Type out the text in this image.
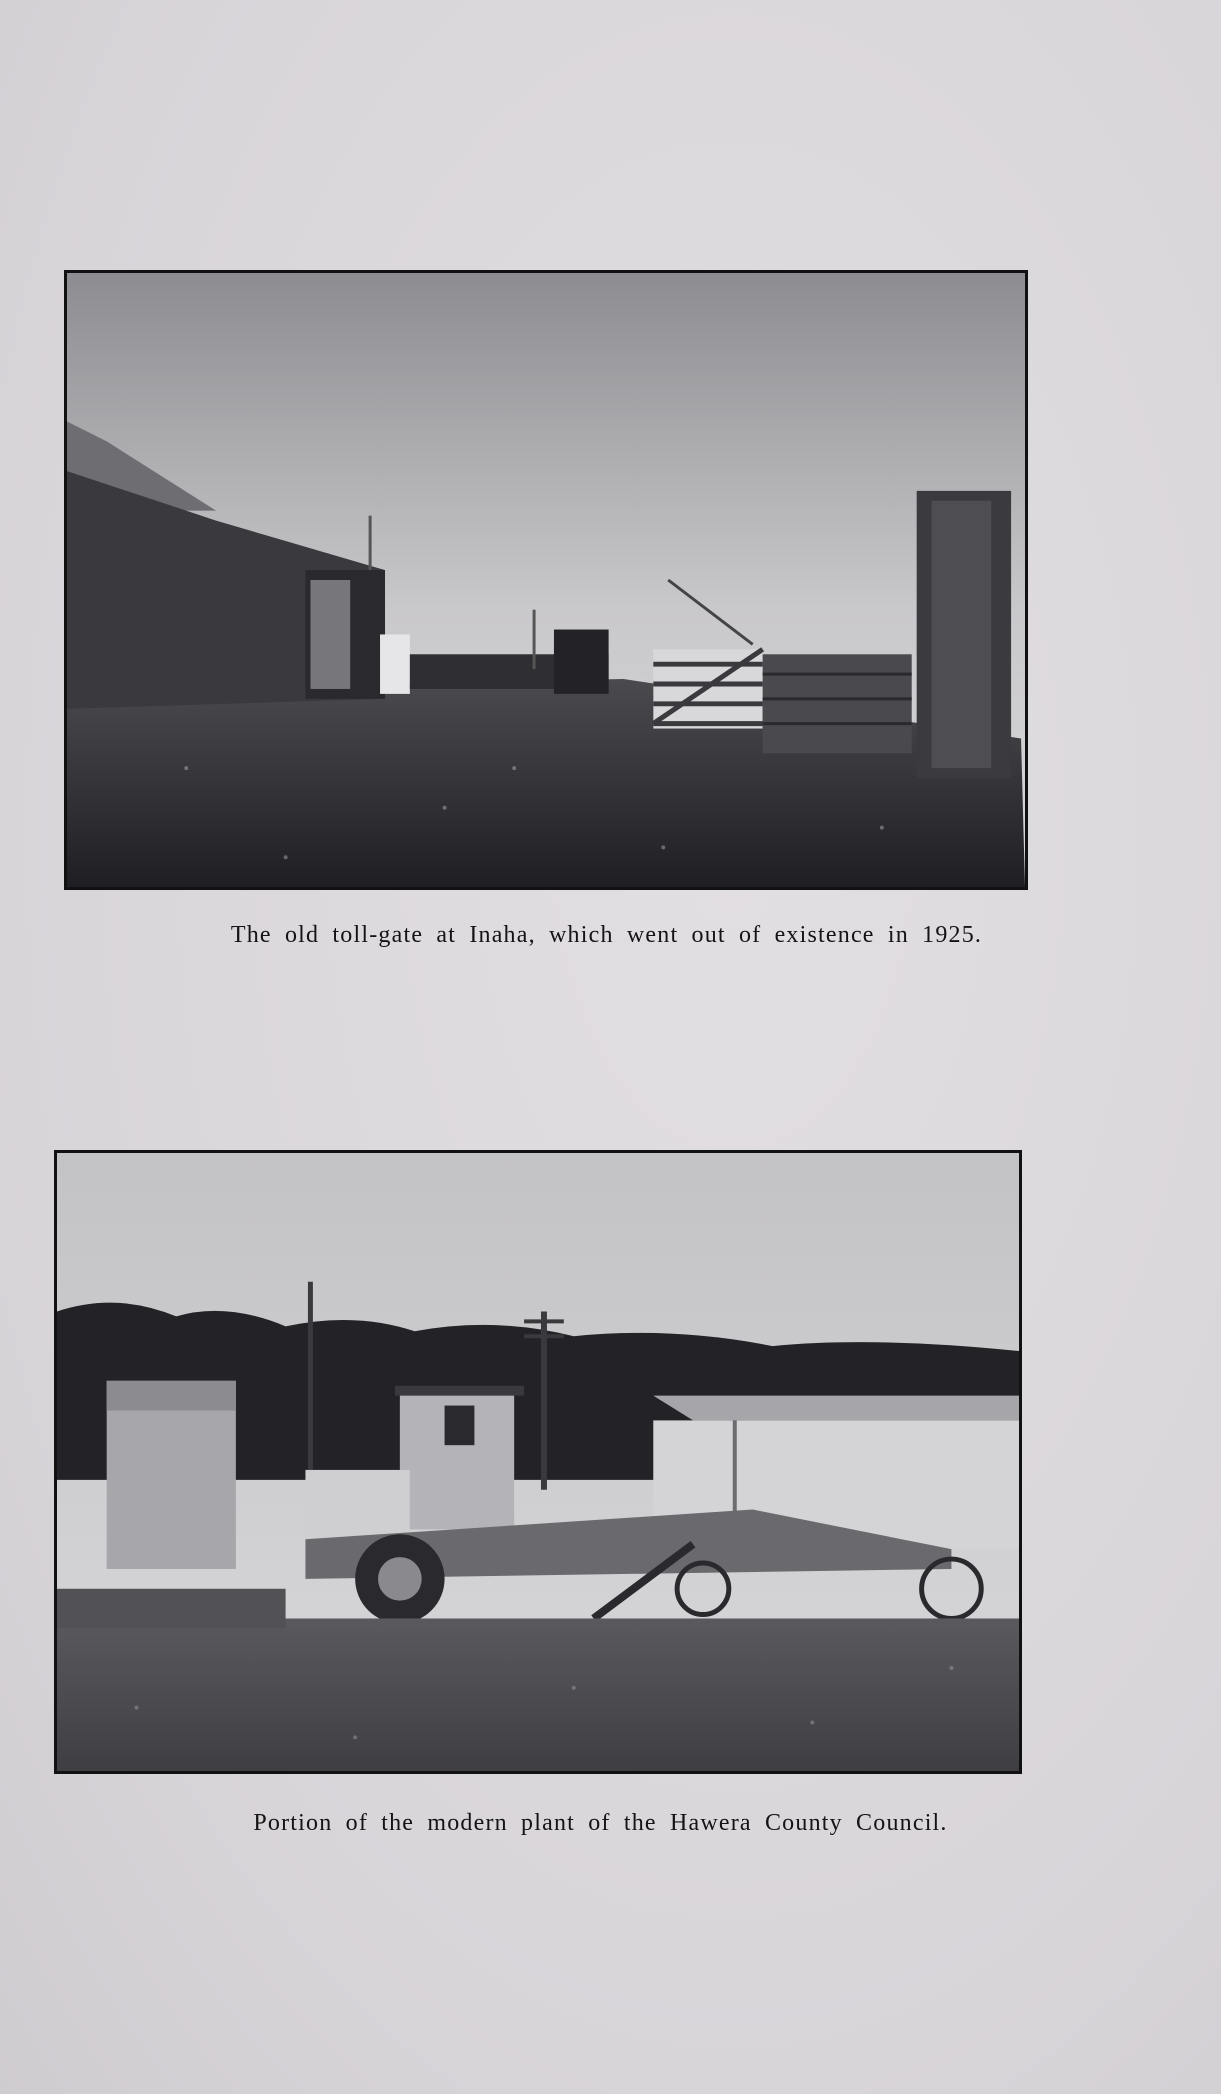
The old toll-gate at Inaha, which went out of existence in 1925.
Portion of the modern plant of the Hawera County Council.
